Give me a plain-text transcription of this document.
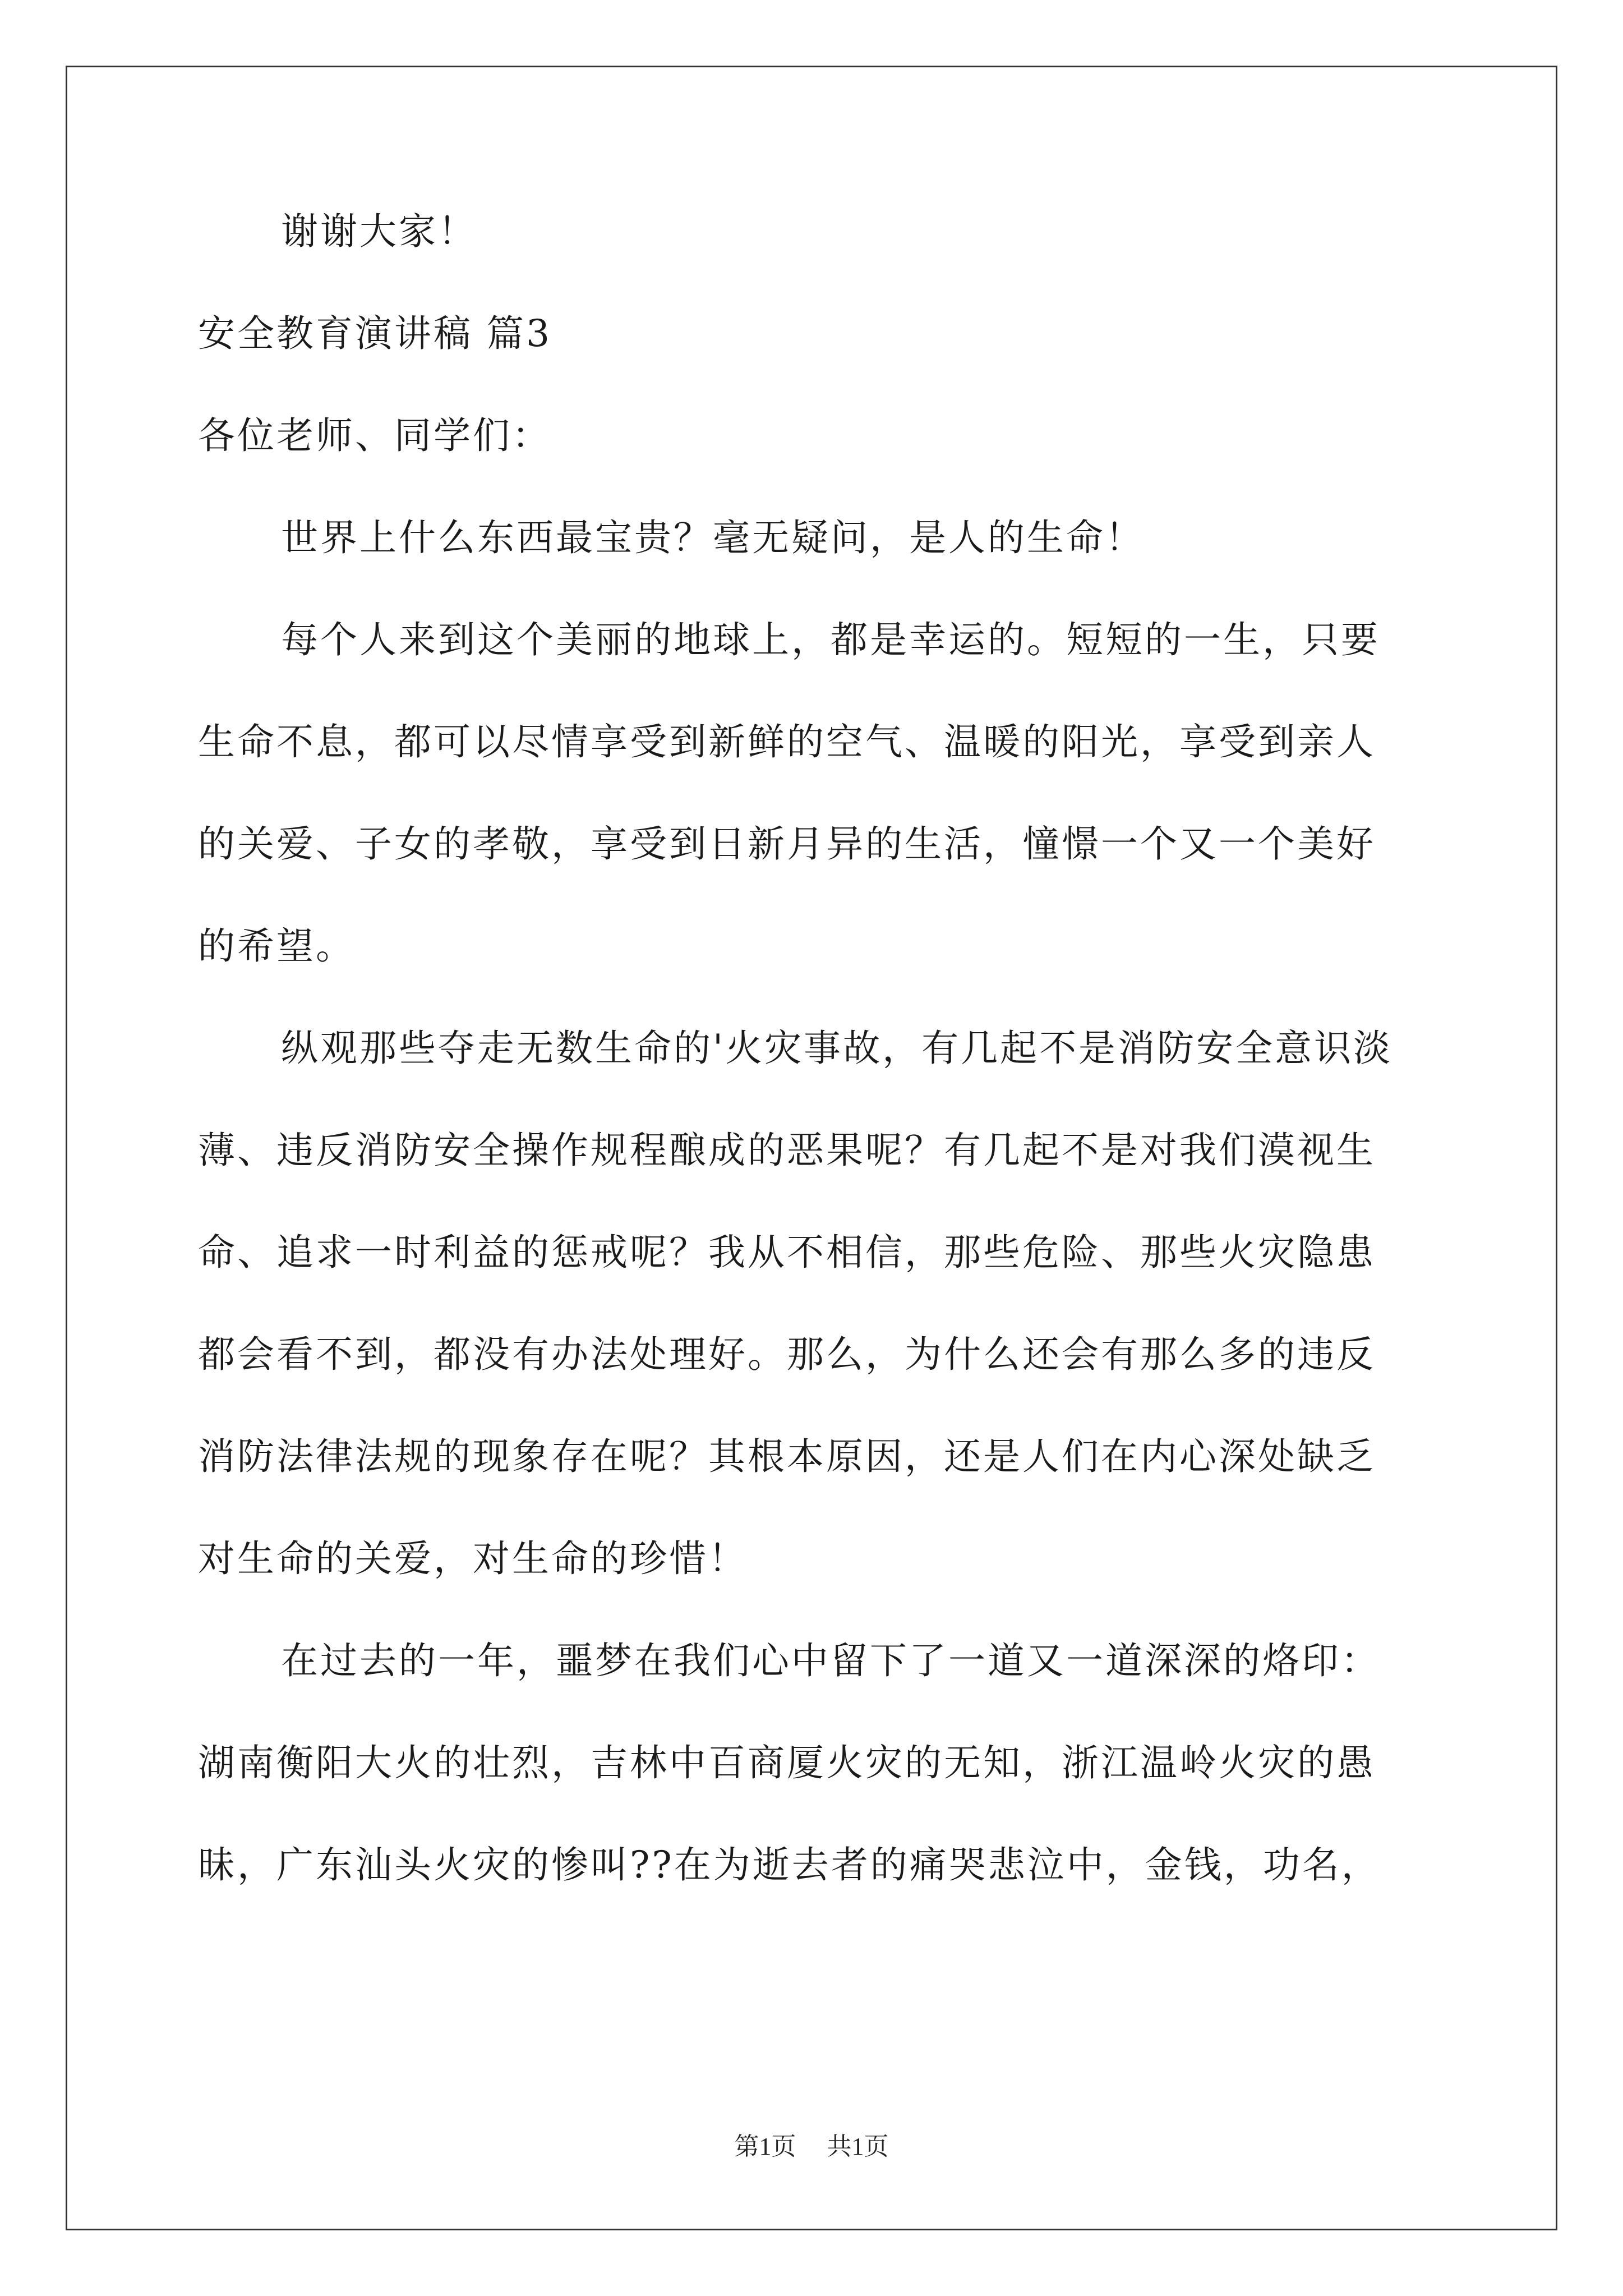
谢谢大家！
安全教育演讲稿 篇3
各位老师、同学们：
世界上什么东西最宝贵？毫无疑问，是人的生命！
每个人来到这个美丽的地球上，都是幸运的。短短的一生，只要
生命不息，都可以尽情享受到新鲜的空气、温暖的阳光，享受到亲人
的关爱、子女的孝敬，享受到日新月异的生活，憧憬一个又一个美好
的希望。
纵观那些夺走无数生命的'火灾事故，有几起不是消防安全意识淡
薄、违反消防安全操作规程酿成的恶果呢？有几起不是对我们漠视生
命、追求一时利益的惩戒呢？我从不相信，那些危险、那些火灾隐患
都会看不到，都没有办法处理好。那么，为什么还会有那么多的违反
消防法律法规的现象存在呢？其根本原因，还是人们在内心深处缺乏
对生命的关爱，对生命的珍惜！
在过去的一年，噩梦在我们心中留下了一道又一道深深的烙印：
湖南衡阳大火的壮烈，吉林中百商厦火灾的无知，浙江温岭火灾的愚
昧，广东汕头火灾的惨叫??在为逝去者的痛哭悲泣中，金钱，功名，
第1页 共1页
